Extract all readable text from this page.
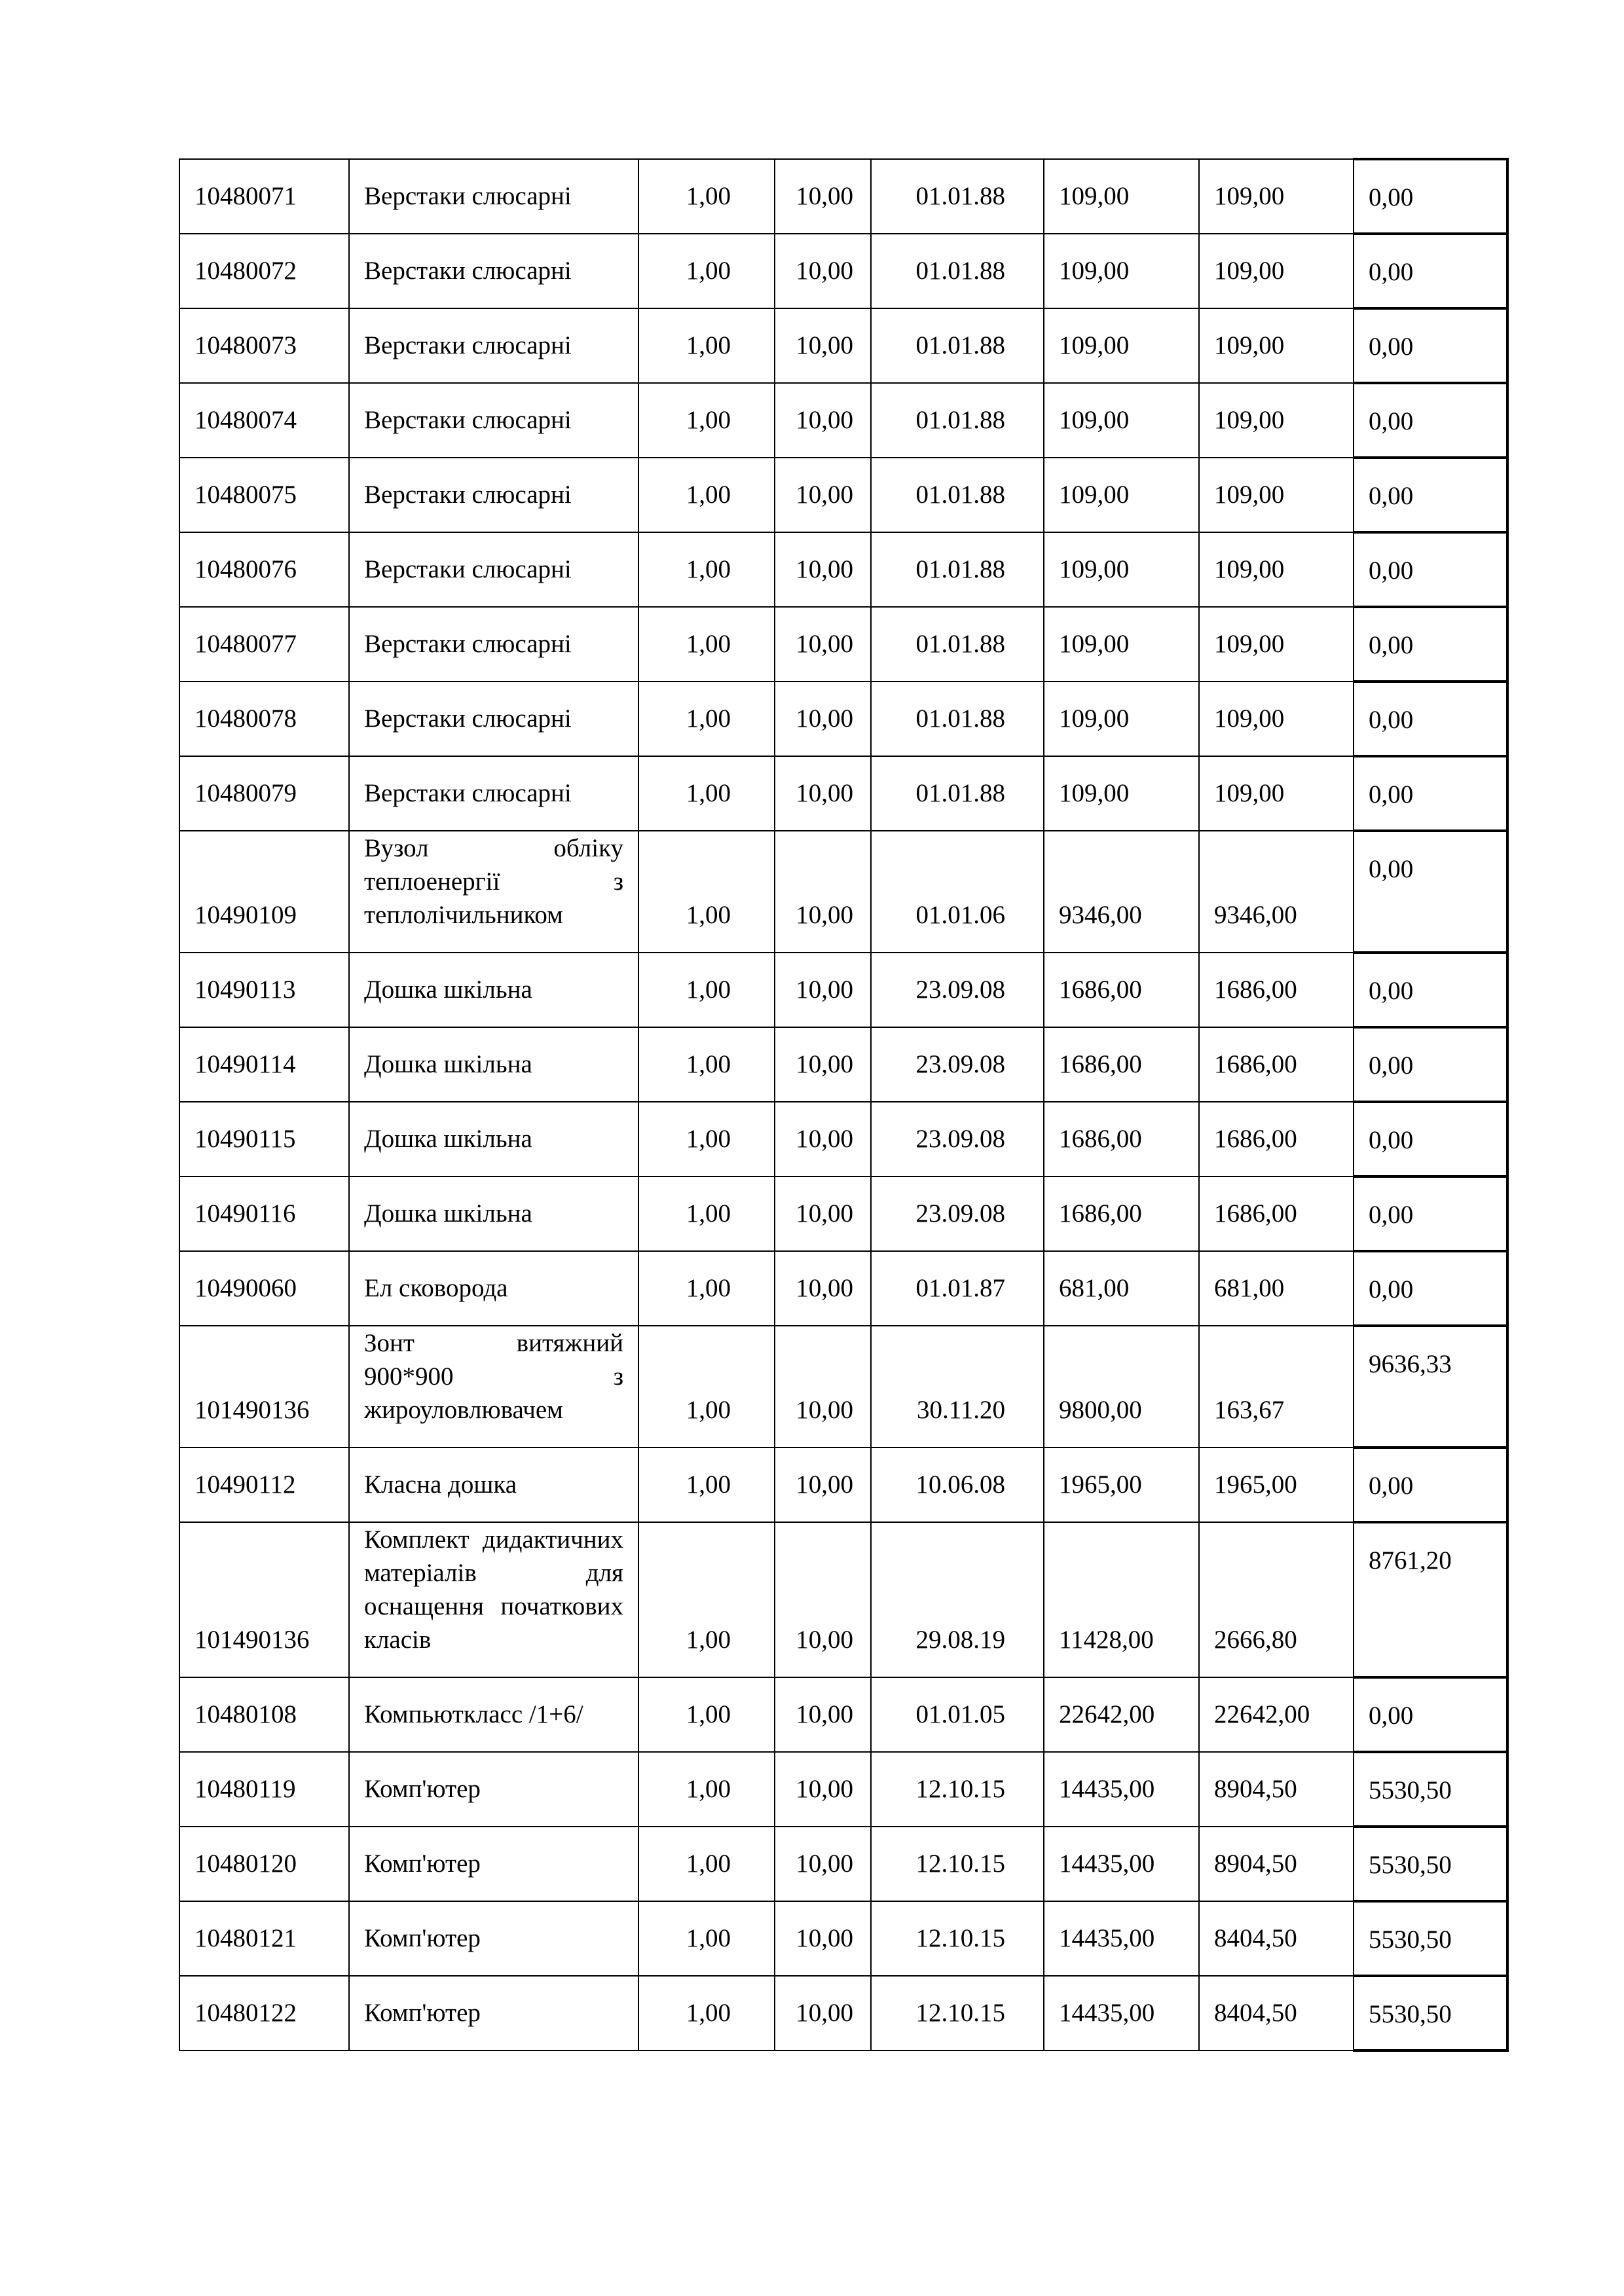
10480071	Верстаки слюсарні	1,00	10,00	01.01.88	109,00	109,00	0,00
10480072	Верстаки слюсарні	1,00	10,00	01.01.88	109,00	109,00	0,00
10480073	Верстаки слюсарні	1,00	10,00	01.01.88	109,00	109,00	0,00
10480074	Верстаки слюсарні	1,00	10,00	01.01.88	109,00	109,00	0,00
10480075	Верстаки слюсарні	1,00	10,00	01.01.88	109,00	109,00	0,00
10480076	Верстаки слюсарні	1,00	10,00	01.01.88	109,00	109,00	0,00
10480077	Верстаки слюсарні	1,00	10,00	01.01.88	109,00	109,00	0,00
10480078	Верстаки слюсарні	1,00	10,00	01.01.88	109,00	109,00	0,00
10480079	Верстаки слюсарні	1,00	10,00	01.01.88	109,00	109,00	0,00
10490109	Вузол обліку теплоенергії з теплолічильником	1,00	10,00	01.01.06	9346,00	9346,00	0,00
10490113	Дошка шкільна	1,00	10,00	23.09.08	1686,00	1686,00	0,00
10490114	Дошка шкільна	1,00	10,00	23.09.08	1686,00	1686,00	0,00
10490115	Дошка шкільна	1,00	10,00	23.09.08	1686,00	1686,00	0,00
10490116	Дошка шкільна	1,00	10,00	23.09.08	1686,00	1686,00	0,00
10490060	Ел сковорода	1,00	10,00	01.01.87	681,00	681,00	0,00
101490136	Зонт витяжний 900*900 з жироуловлювачем	1,00	10,00	30.11.20	9800,00	163,67	9636,33
10490112	Класна дошка	1,00	10,00	10.06.08	1965,00	1965,00	0,00
101490136	Комплект дидактичних матеріалів для оснащення початкових класів	1,00	10,00	29.08.19	11428,00	2666,80	8761,20
10480108	Компьюткласс /1+6/	1,00	10,00	01.01.05	22642,00	22642,00	0,00
10480119	Комп'ютер	1,00	10,00	12.10.15	14435,00	8904,50	5530,50
10480120	Комп'ютер	1,00	10,00	12.10.15	14435,00	8904,50	5530,50
10480121	Комп'ютер	1,00	10,00	12.10.15	14435,00	8404,50	5530,50
10480122	Комп'ютер	1,00	10,00	12.10.15	14435,00	8404,50	5530,50
